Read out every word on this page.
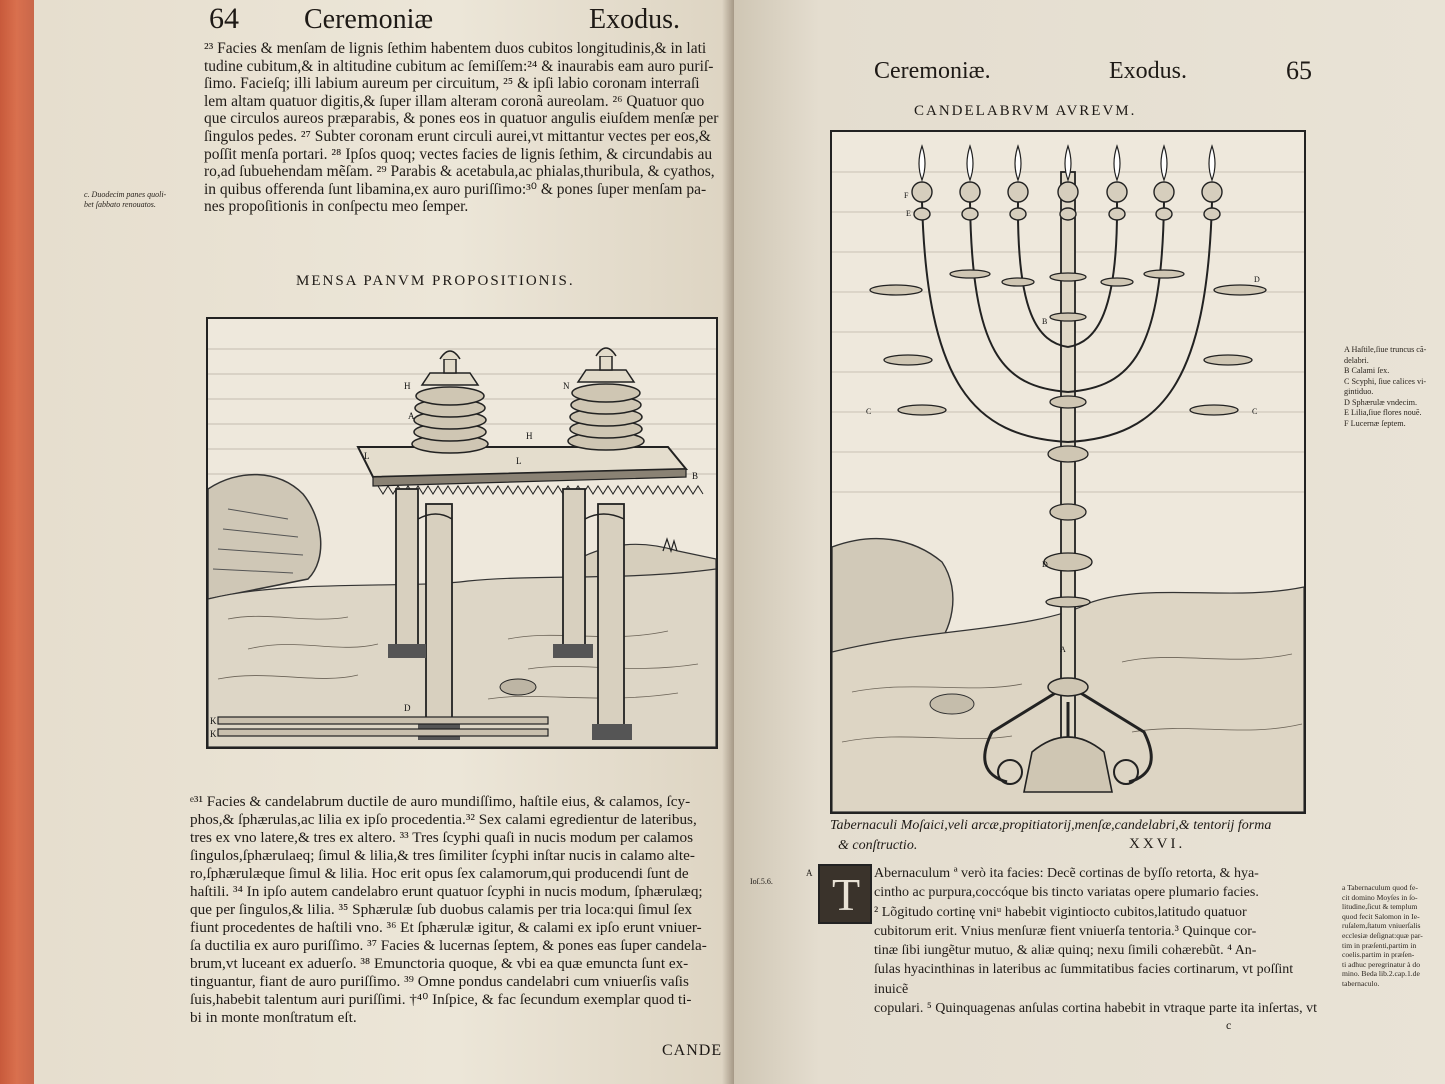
64 Ceremoniæ	Exodus.
²³ Facies & menſam de lignis ſethim habentem duos cubitos longitudinis,& in lati
tudine cubitum,& in altitudine cubitum ac ſemiſſem:²⁴ & inaurabis eam auro puriſ-
ſimo. Facieſq; illi labium aureum per circuitum, ²⁵ & ipſi labio coronam interraſi
lem altam quatuor digitis,& ſuper illam alteram coronã aureolam. ²⁶ Quatuor quo
que circulos aureos præparabis, & pones eos in quatuor angulis eiuſdem menſæ per
ſingulos pedes. ²⁷ Subter coronam erunt circuli aurei,vt mittantur vectes per eos,&
poſſit menſa portari. ²⁸ Ipſos quoq; vectes facies de lignis ſethim, & circundabis au
ro,ad ſubuehendam mẽſam. ²⁹ Parabis & acetabula,ac phialas,thuribula, & cyathos,
in quibus offerenda ſunt libamina,ex auro puriſſimo:³⁰ & pones ſuper menſam pa-
nes propoſitionis in conſpectu meo ſemper.
c. Duodecim panes quoli-
bet ſabbato renouatos.
MENSA PANVM PROPOSITIONIS.
H	N
A
L
H
L
B
D
K
K
ᵉ³¹ Facies & candelabrum ductile de auro mundiſſimo, haſtile eius, & calamos, ſcy-
phos,& ſphærulas,ac lilia ex ipſo procedentia.³² Sex calami egredientur de lateribus,
tres ex vno latere,& tres ex altero. ³³ Tres ſcyphi quaſi in nucis modum per calamos
ſingulos,ſphærulaeq; ſimul & lilia,& tres ſimiliter ſcyphi inſtar nucis in calamo alte-
ro,ſphærulæque ſimul & lilia. Hoc erit opus ſex calamorum,qui producendi ſunt de
haſtili. ³⁴ In ipſo autem candelabro erunt quatuor ſcyphi in nucis modum, ſphærulæq;
que per ſingulos,& lilia. ³⁵ Sphærulæ ſub duobus calamis per tria loca:qui ſimul ſex
fiunt procedentes de haſtili vno. ³⁶ Et ſphærulæ igitur, & calami ex ipſo erunt vniuer-
ſa ductilia ex auro puriſſimo. ³⁷ Facies & lucernas ſeptem, & pones eas ſuper candela-
brum,vt luceant ex aduerſo. ³⁸ Emunctoria quoque, & vbi ea quæ emuncta ſunt ex-
tinguantur, fiant de auro puriſſimo. ³⁹ Omne pondus candelabri cum vniuerſis vaſis
ſuis,habebit talentum auri puriſſimi. †⁴⁰ Inſpice, & fac ſecundum exemplar quod ti-
bi in monte monſtratum eſt.
CANDE
Ceremoniæ.	Exodus.	65
CANDELABRVM AVREVM.
F
E
D
C
B
A
C
D
A Haſtile,ſiue truncus cã-
delabri.
B Calami ſex.
C Scyphi, ſiue calices vi-
gintiduo.
D Sphærulæ vndecim.
E Lilia,ſiue flores nouē.
F Lucernæ ſeptem.
Tabernaculi Moſaici,veli arcæ,propitiatorij,menſæ,candelabri,& tentorij forma
& conſtructio.	XXVI.
Ioſ.5.6.
A T Abernaculum ª verò ita facies: Decẽ cortinas de byſſo retorta, & hya-
cintho ac purpura,coccóque bis tincto variatas opere plumario facies.
² Lõgitudo cortinę vniᵘ habebit vigintiocto cubitos,latitudo quatuor
cubitorum erit. Vnius menſuræ fient vniuerſa tentoria.³ Quinque cor-
tinæ ſibi iungẽtur mutuo, & aliæ quinq; nexu ſimili cohærebũt. ⁴ An-
ſulas hyacinthinas in lateribus ac ſummitatibus facies cortinarum, vt poſſint inuicẽ
copulari. ⁵ Quinquagenas anſulas cortina habebit in vtraque parte ita inſertas, vt
a Tabernaculum quod fe-
cit domino Moyſes in ſo-
litudine,ſicut & templum
quod fecit Salomon in Ie-
ruſalem,ſtatum vniuerſalis
ecclesiæ deſignat:quæ par-
tim in præſenti,partim in
coelis.partim in præſen-
ti adhuc peregrinatur à do
mino. Beda lib.2.cap.1.de
tabernaculo.
c
